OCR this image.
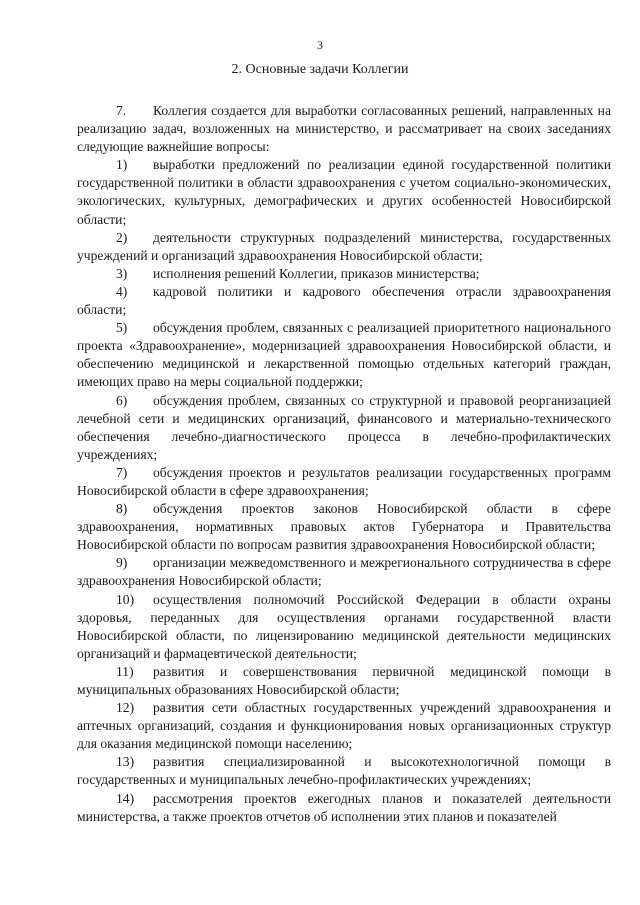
3
2. Основные задачи Коллегии

7. Коллегия создается для выработки согласованных решений, направленных на реализацию задач, возложенных на министерство, и рассматривает на своих заседаниях следующие важнейшие вопросы:

1) выработки предложений по реализации единой государственной политики государственной политики в области здравоохранения с учетом социально-экономических, экологических, культурных, демографических и других особенностей Новосибирской области;

2) деятельности структурных подразделений министерства, государственных учреждений и организаций здравоохранения Новосибирской области;

3) исполнения решений Коллегии, приказов министерства;

4) кадровой политики и кадрового обеспечения отрасли здравоохранения области;

5) обсуждения проблем, связанных с реализацией приоритетного национального проекта «Здравоохранение», модернизацией здравоохранения Новосибирской области, и обеспечению медицинской и лекарственной помощью отдельных категорий граждан, имеющих право на меры социальной поддержки;

6) обсуждения проблем, связанных со структурной и правовой реорганизацией лечебной сети и медицинских организаций, финансового и материально-технического обеспечения лечебно-диагностического процесса в лечебно-профилактических учреждениях;

7) обсуждения проектов и результатов реализации государственных программ Новосибирской области в сфере здравоохранения;

8) обсуждения проектов законов Новосибирской области в сфере здравоохранения, нормативных правовых актов Губернатора и Правительства Новосибирской области по вопросам развития здравоохранения Новосибирской области;

9) организации межведомственного и межрегионального сотрудничества в сфере здравоохранения Новосибирской области;

10) осуществления полномочий Российской Федерации в области охраны здоровья, переданных для осуществления органами государственной власти Новосибирской области, по лицензированию медицинской деятельности медицинских организаций и фармацевтической деятельности;

11) развития и совершенствования первичной медицинской помощи в муниципальных образованиях Новосибирской области;

12) развития сети областных государственных учреждений здравоохранения и аптечных организаций, создания и функционирования новых организационных структур для оказания медицинской помощи населению;

13) развития специализированной и высокотехнологичной помощи в государственных и муниципальных лечебно-профилактических учреждениях;

14) рассмотрения проектов ежегодных планов и показателей деятельности министерства, а также проектов отчетов об исполнении этих планов и показателей
